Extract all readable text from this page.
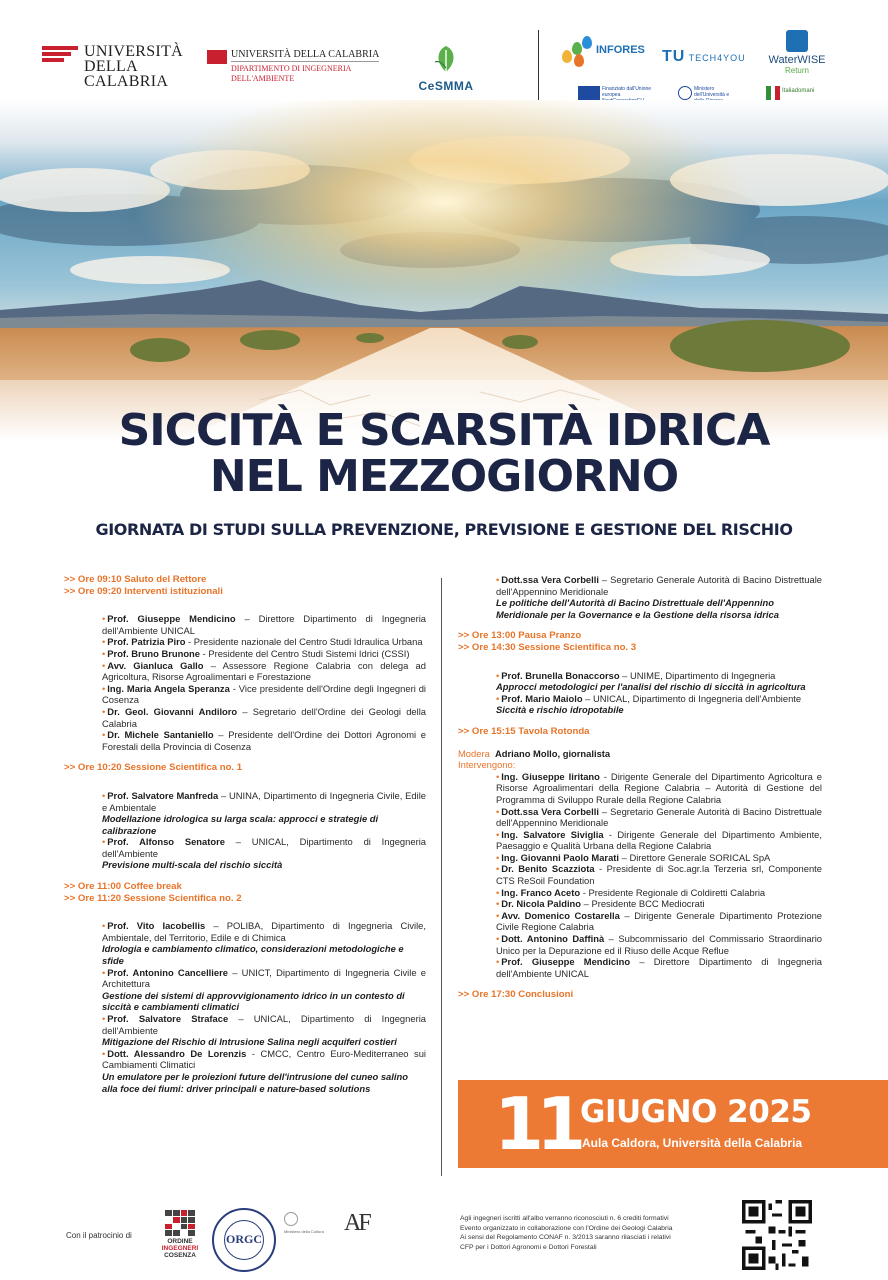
UNIVERSITÀ
DELLA
CALABRIA
UNIVERSITÀ DELLA CALABRIA
DIPARTIMENTO DI INGEGNERIA
DELL'AMBIENTE
CeSMMA
INFORES	TU TECH4YOU	WaterWISE
Return
Finanziato dall'Unione europea
Ministero dell'Università e
Italiadomani
SICCITÀ E SCARSITÀ IDRICA
NEL MEZZOGIORNO
GIORNATA DI STUDI SULLA PREVENZIONE, PREVISIONE E GESTIONE DEL RISCHIO
>> Ore 09:10 Saluto del Rettore
>> Ore 09:20 Interventi istituzionali
• Prof. Giuseppe Mendicino – Direttore Dipartimento di Ingegneria dell'Ambiente UNICAL
• Prof. Patrizia Piro - Presidente nazionale del Centro Studi Idraulica Urbana
• Prof. Bruno Brunone - Presidente del Centro Studi Sistemi Idrici (CSSI)
• Avv. Gianluca Gallo – Assessore Regione Calabria con delega ad Agricoltura, Risorse Agroalimentari e Forestazione
• Ing. Maria Angela Speranza - Vice presidente dell'Ordine degli Ingegneri di Cosenza
• Dr. Geol. Giovanni Andiloro – Segretario dell'Ordine dei Geologi della Calabria
• Dr. Michele Santaniello – Presidente dell'Ordine dei Dottori Agronomi e Forestali della Provincia di Cosenza
>> Ore 10:20 Sessione Scientifica no. 1
• Prof. Salvatore Manfreda – UNINA, Dipartimento di Ingegneria Civile, Edile e Ambientale
Modellazione idrologica su larga scala: approcci e strategie di calibrazione
• Prof. Alfonso Senatore – UNICAL, Dipartimento di Ingegneria dell'Ambiente
Previsione multi-scala del rischio siccità
>> Ore 11:00 Coffee break
>> Ore 11:20 Sessione Scientifica no. 2
• Prof. Vito Iacobellis – POLIBA, Dipartimento di Ingegneria Civile, Ambientale, del Territorio, Edile e di Chimica
Idrologia e cambiamento climatico, considerazioni metodologiche e sfide
• Prof. Antonino Cancelliere – UNICT, Dipartimento di Ingegneria Civile e Architettura
Gestione dei sistemi di approvvigionamento idrico in un contesto di siccità e cambiamenti climatici
• Prof. Salvatore Straface – UNICAL, Dipartimento di Ingegneria dell'Ambiente
Mitigazione del Rischio di Intrusione Salina negli acquiferi costieri
• Dott. Alessandro De Lorenzis - CMCC, Centro Euro-Mediterraneo sui Cambiamenti Climatici
Un emulatore per le proiezioni future dell'intrusione del cuneo salino alla foce dei fiumi: driver principali e nature-based solutions
• Dott.ssa Vera Corbelli – Segretario Generale Autorità di Bacino Distrettuale dell'Appennino Meridionale
Le politiche dell'Autorità di Bacino Distrettuale dell'Appennino Meridionale per la Governance e la Gestione della risorsa idrica
>> Ore 13:00 Pausa Pranzo
>> Ore 14:30 Sessione Scientifica no. 3
• Prof. Brunella Bonaccorso – UNIME, Dipartimento di Ingegneria
Approcci metodologici per l'analisi del rischio di siccità in agricoltura
• Prof. Mario Maiolo – UNICAL, Dipartimento di Ingegneria dell'Ambiente
Siccità e rischio idropotabile
>> Ore 15:15 Tavola Rotonda
Modera Adriano Mollo, giornalista
Intervengono:
• Ing. Giuseppe Iiritano - Dirigente Generale del Dipartimento Agricoltura e Risorse Agroalimentari della Regione Calabria – Autorità di Gestione del Programma di Sviluppo Rurale della Regione Calabria
• Dott.ssa Vera Corbelli – Segretario Generale Autorità di Bacino Distrettuale dell'Appennino Meridionale
• Ing. Salvatore Siviglia - Dirigente Generale del Dipartimento Ambiente, Paesaggio e Qualità Urbana della Regione Calabria
• Ing. Giovanni Paolo Marati – Direttore Generale SORICAL SpA
• Dr. Benito Scazziota - Presidente di Soc.agr.la Terzeria srl, Componente CTS ReSoil Foundation
• Ing. Franco Aceto - Presidente Regionale di Coldiretti Calabria
• Dr. Nicola Paldino – Presidente BCC Mediocrati
• Avv. Domenico Costarella – Dirigente Generale Dipartimento Protezione Civile Regione Calabria
• Dott. Antonino Daffinà – Subcommissario del Commissario Straordinario Unico per la Depurazione ed il Riuso delle Acque Reflue
• Prof. Giuseppe Mendicino – Direttore Dipartimento di Ingegneria dell'Ambiente UNICAL
>> Ore 17:30 Conclusioni
11 GIUGNO 2025
Aula Caldora, Università della Calabria
Con il patrocinio di
ORDINE
INGEGNERI
COSENZA
ORGC
Ministero della Cultura AF	Agli ingegneri iscritti all'albo verranno riconosciuti n. 6 crediti formativi
Evento organizzato in collaborazione con l'Ordine dei Geologi Calabria
Ai sensi del Regolamento CONAF n. 3/2013 saranno rilasciati i relativi
CFP per i Dottori Agronomi e Dottori Forestali
